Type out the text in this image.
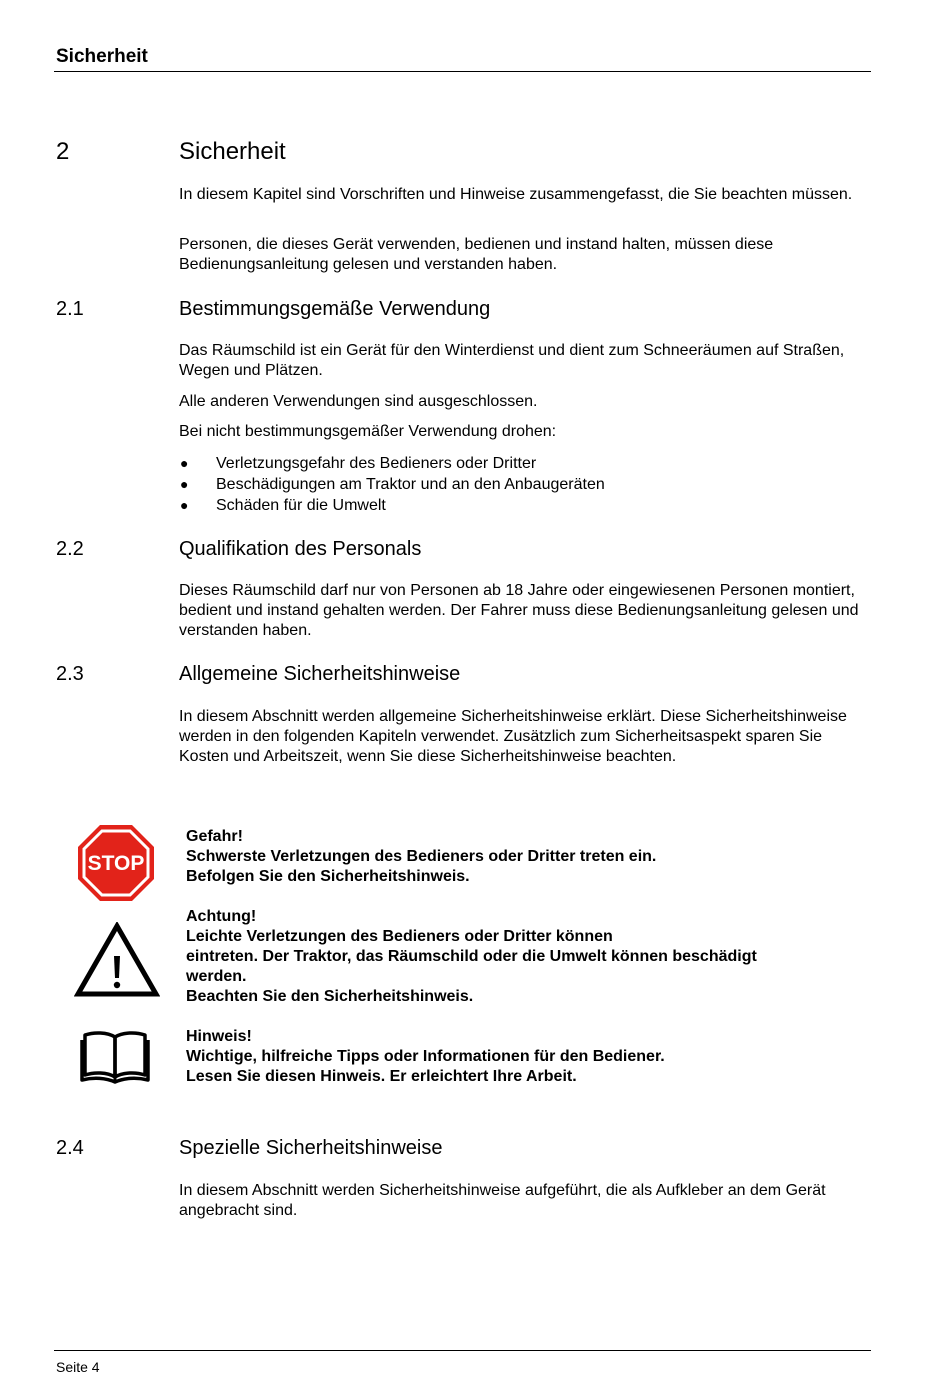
Sicherheit
2	Sicherheit

In diesem Kapitel sind Vorschriften und Hinweise zusammengefasst, die Sie beachten müssen.

Personen, die dieses Gerät verwenden, bedienen und instand halten, müssen diese Bedienungsanleitung gelesen und verstanden haben.

2.1	Bestimmungsgemäße Verwendung

Das Räumschild ist ein Gerät für den Winterdienst und dient zum Schneeräumen auf Straßen, Wegen und Plätzen.

Alle anderen Verwendungen sind ausgeschlossen.

Bei nicht bestimmungsgemäßer Verwendung drohen:

● Verletzungsgefahr des Bedieners oder Dritter
● Beschädigungen am Traktor und an den Anbaugeräten
● Schäden für die Umwelt
2.2	Qualifikation des Personals

Dieses Räumschild darf nur von Personen ab 18 Jahre oder eingewiesenen Personen montiert, bedient und instand gehalten werden. Der Fahrer muss diese Bedienungsanleitung gelesen und verstanden haben.

2.3	Allgemeine Sicherheitshinweise

In diesem Abschnitt werden allgemeine Sicherheitshinweise erklärt. Diese Sicherheitshinweise werden in den folgenden Kapiteln verwendet. Zusätzlich zum Sicherheitsaspekt sparen Sie Kosten und Arbeitszeit, wenn Sie diese Sicherheitshinweise beachten.

STOP
Gefahr!
Schwerste Verletzungen des Bedieners oder Dritter treten ein.
Befolgen Sie den Sicherheitshinweis.
Achtung!
Leichte Verletzungen des Bedieners oder Dritter können
eintreten. Der Traktor, das Räumschild oder die Umwelt können beschädigt
werden.
Beachten Sie den Sicherheitshinweis.
Hinweis!
Wichtige, hilfreiche Tipps oder Informationen für den Bediener.
Lesen Sie diesen Hinweis. Er erleichtert Ihre Arbeit.
2.4	Spezielle Sicherheitshinweise

In diesem Abschnitt werden Sicherheitshinweise aufgeführt, die als Aufkleber an dem Gerät angebracht sind.

Seite 4
